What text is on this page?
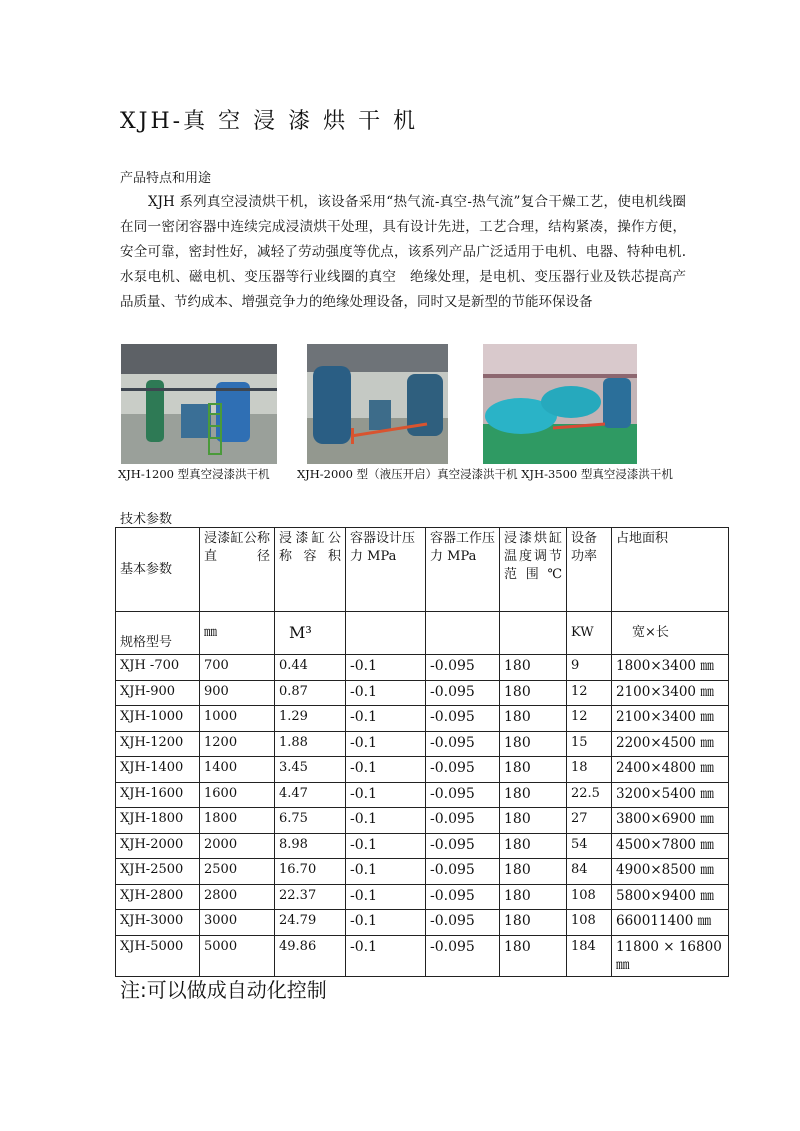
XJH-真 空 浸 漆 烘 干 机
产品特点和用途
XJH 系列真空浸渍烘干机，该设备采用“热气流-真空-热气流”复合干燥工艺，使电机线圈在同一密闭容器中连续完成浸渍烘干处理，具有设计先进，工艺合理，结构紧凑，操作方便，安全可靠，密封性好，减轻了劳动强度等优点，该系列产品广泛适用于电机、电器、特种电机. 水泵电机、磁电机、变压器等行业线圈的真空　绝缘处理，是电机、变压器行业及铁芯提高产品质量、节约成本、增强竞争力的绝缘处理设备，同时又是新型的节能环保设备
XJH-1200 型真空浸漆洪干机 XJH-2000 型（液压开启）真空浸漆洪干机 XJH-3500 型真空浸漆洪干机
技术参数
基本参数	浸漆缸公称直径	浸漆缸公称容积	容器设计压力 MPa	容器工作压力 MPa	浸漆烘缸温度调节范围℃	设备功率	占地面积
规格型号	㎜	M³				KW	宽×长
XJH -700	700	0.44	-0.1	-0.095	180	9	1800×3400 ㎜
XJH-900	900	0.87	-0.1	-0.095	180	12	2100×3400 ㎜
XJH-1000	1000	1.29	-0.1	-0.095	180	12	2100×3400 ㎜
XJH-1200	1200	1.88	-0.1	-0.095	180	15	2200×4500 ㎜
XJH-1400	1400	3.45	-0.1	-0.095	180	18	2400×4800 ㎜
XJH-1600	1600	4.47	-0.1	-0.095	180	22.5	3200×5400 ㎜
XJH-1800	1800	6.75	-0.1	-0.095	180	27	3800×6900 ㎜
XJH-2000	2000	8.98	-0.1	-0.095	180	54	4500×7800 ㎜
XJH-2500	2500	16.70	-0.1	-0.095	180	84	4900×8500 ㎜
XJH-2800	2800	22.37	-0.1	-0.095	180	108	5800×9400 ㎜
XJH-3000	3000	24.79	-0.1	-0.095	180	108	660011400 ㎜
XJH-5000	5000	49.86	-0.1	-0.095	180	184	11800 × 16800 ㎜
注:可以做成自动化控制
